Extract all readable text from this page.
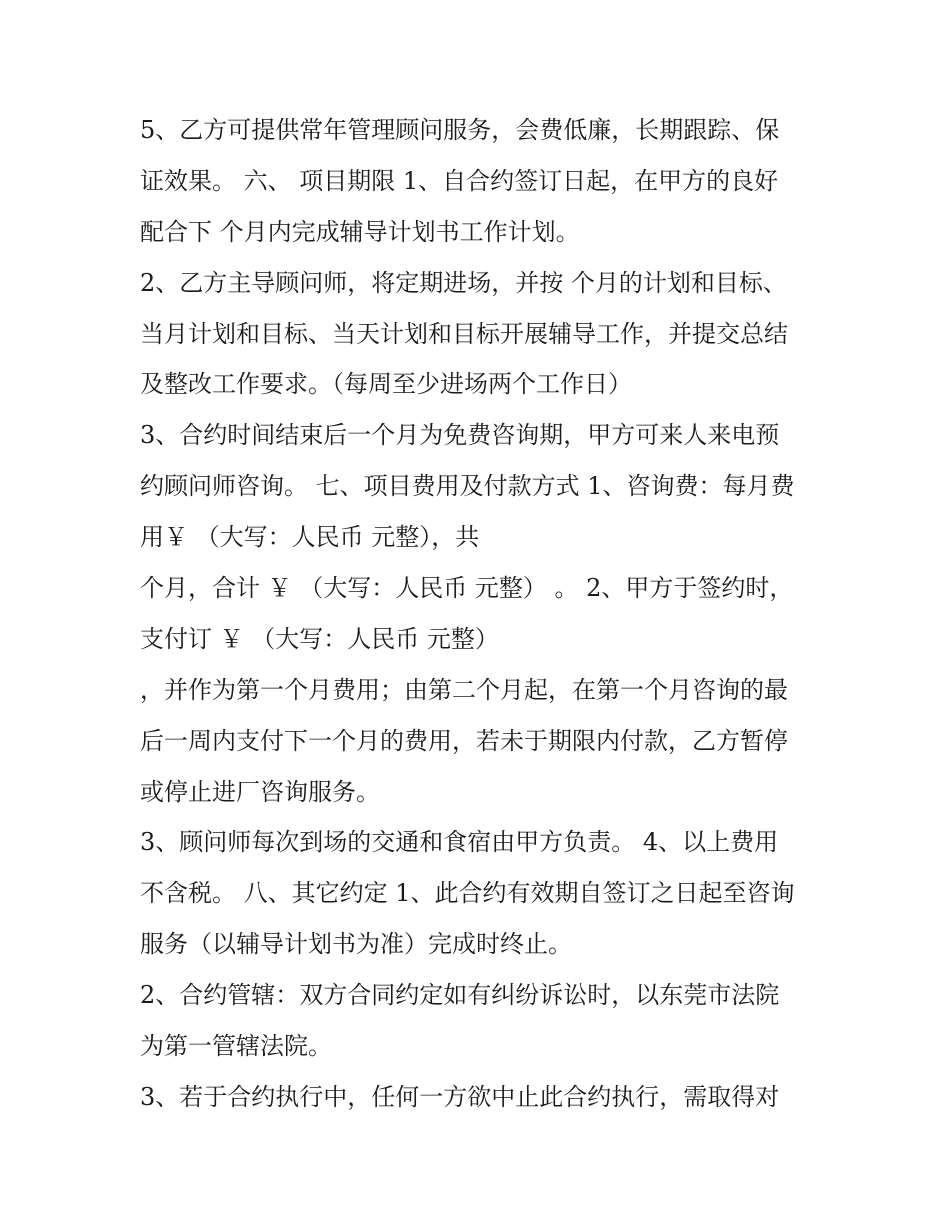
5、乙方可提供常年管理顾问服务，会费低廉，长期跟踪、保
证效果。 六、 项目期限 1、自合约签订日起，在甲方的良好
配合下 个月内完成辅导计划书工作计划。
2、乙方主导顾问师，将定期进场，并按 个月的计划和目标、
当月计划和目标、当天计划和目标开展辅导工作，并提交总结
及整改工作要求。（每周至少进场两个工作日）
3、合约时间结束后一个月为免费咨询期，甲方可来人来电预
约顾问师咨询。 七、项目费用及付款方式 1、咨询费：每月费
用￥ （大写：人民币 元整），共
个月，合计 ￥ （大写：人民币 元整） 。 2、甲方于签约时，
支付订 ￥ （大写：人民币 元整）
，并作为第一个月费用；由第二个月起，在第一个月咨询的最
后一周内支付下一个月的费用，若未于期限内付款，乙方暂停
或停止进厂咨询服务。
3、顾问师每次到场的交通和食宿由甲方负责。 4、以上费用
不含税。 八、其它约定 1、此合约有效期自签订之日起至咨询
服务（以辅导计划书为准）完成时终止。
2、合约管辖：双方合同约定如有纠纷诉讼时，以东莞市法院
为第一管辖法院。
3、若于合约执行中，任何一方欲中止此合约执行，需取得对
